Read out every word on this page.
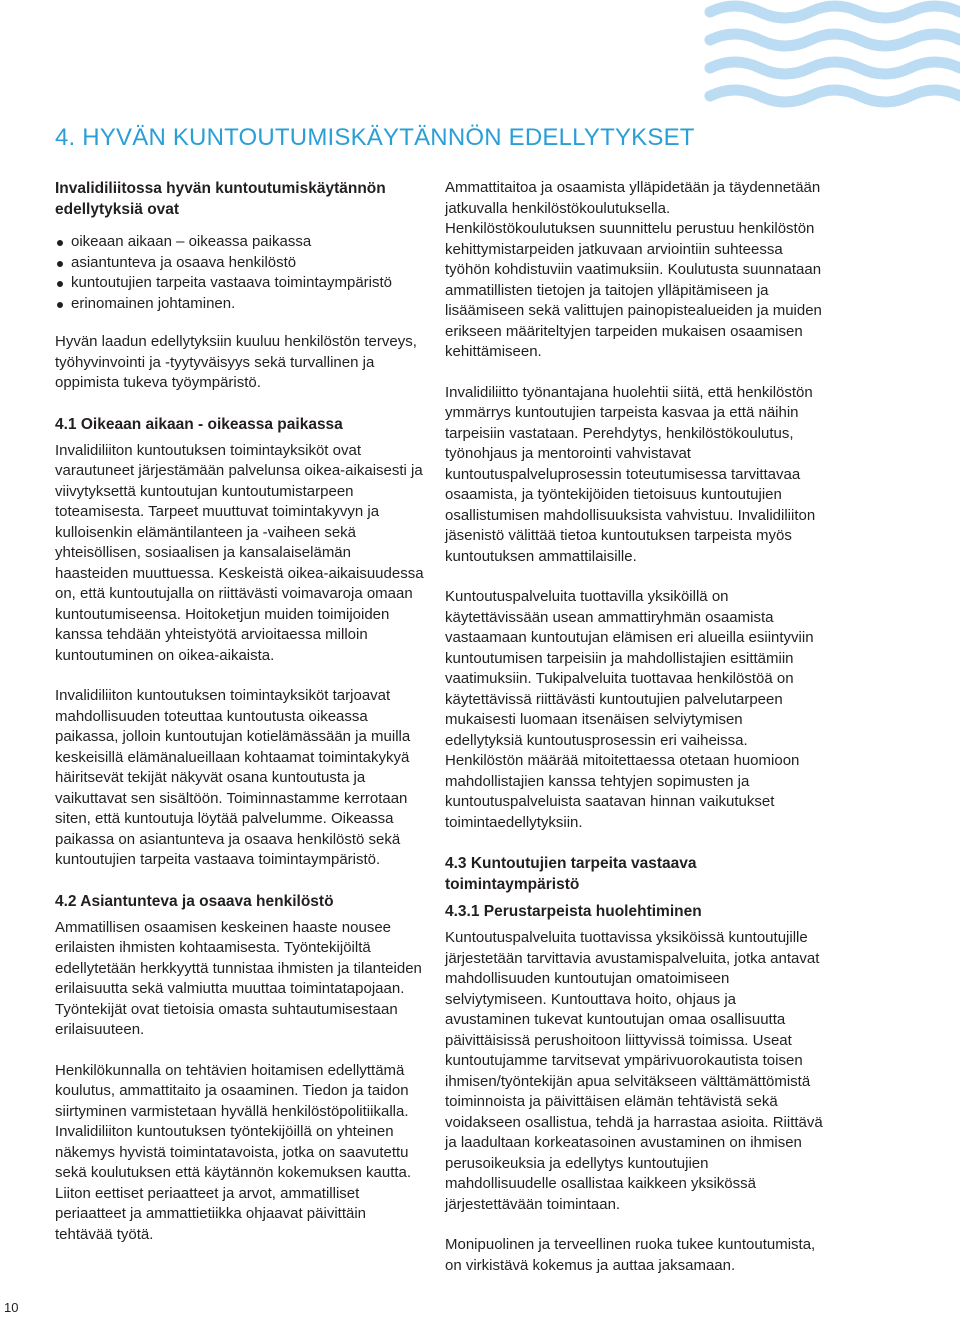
4. HYVÄN KUNTOUTUMISKÄYTÄNNÖN EDELLYTYKSET
Invalidiliitossa hyvän kuntoutumiskäytännön edellytyksiä ovat
oikeaan aikaan – oikeassa paikassa
asiantunteva ja osaava henkilöstö
kuntoutujien tarpeita vastaava toimintaympäristö
erinomainen johtaminen.

Hyvän laadun edellytyksiin kuuluu henkilöstön terveys, työhyvinvointi ja -tyytyväisyys sekä turvallinen ja oppimista tukeva työympäristö.

4.1 Oikeaan aikaan - oikeassa paikassa

Invalidiliiton kuntoutuksen toimintayksiköt ovat varautuneet järjestämään palvelunsa oikea-aikaisesti ja viivytyksettä kuntoutujan kuntoutumistarpeen toteamisesta. Tarpeet muuttuvat toimintakyvyn ja kulloisenkin elämäntilanteen ja -vaiheen sekä yhteisöllisen, sosiaalisen ja kansalaiselämän haasteiden muuttuessa. Keskeistä oikea-aikaisuudessa on, että kuntoutujalla on riittävästi voimavaroja omaan kuntoutumiseensa. Hoitoketjun muiden toimijoiden kanssa tehdään yhteistyötä arvioitaessa milloin kuntoutuminen on oikea-aikaista.

Invalidiliiton kuntoutuksen toimintayksiköt tarjoavat mahdollisuuden toteuttaa kuntoutusta oikeassa paikassa, jolloin kuntoutujan kotielämässään ja muilla keskeisillä elämänalueillaan kohtaamat toimintakykyä häiritsevät tekijät näkyvät osana kuntoutusta ja vaikuttavat sen sisältöön. Toiminnastamme kerrotaan siten, että kuntoutuja löytää palvelumme. Oikeassa paikassa on asiantunteva ja osaava henkilöstö sekä kuntoutujien tarpeita vastaava toimintaympäristö.

4.2 Asiantunteva ja osaava henkilöstö

Ammatillisen osaamisen keskeinen haaste nousee erilaisten ihmisten kohtaamisesta. Työntekijöiltä edellytetään herkkyyttä tunnistaa ihmisten ja tilanteiden erilaisuutta sekä valmiutta muuttaa toimintatapojaan. Työntekijät ovat tietoisia omasta suhtautumisestaan erilaisuuteen.

Henkilökunnalla on tehtävien hoitamisen edellyttämä koulutus, ammattitaito ja osaaminen. Tiedon ja taidon siirtyminen varmistetaan hyvällä henkilöstöpolitiikalla. Invalidiliiton kuntoutuksen työntekijöillä on yhteinen näkemys hyvistä toimintatavoista, jotka on saavutettu sekä koulutuksen että käytännön kokemuksen kautta. Liiton eettiset periaatteet ja arvot, ammatilliset periaatteet ja ammattietiikka ohjaavat päivittäin tehtävää työtä.

Ammattitaitoa ja osaamista ylläpidetään ja täydennetään jatkuvalla henkilöstökoulutuksella. Henkilöstökoulutuksen suunnittelu perustuu henkilöstön kehittymistarpeiden jatkuvaan arviointiin suhteessa työhön kohdistuviin vaatimuksiin. Koulutusta suunnataan ammatillisten tietojen ja taitojen ylläpitämiseen ja lisäämiseen sekä valittujen painopistealueiden ja muiden erikseen määriteltyjen tarpeiden mukaisen osaamisen kehittämiseen.

Invalidiliitto työnantajana huolehtii siitä, että henkilöstön ymmärrys kuntoutujien tarpeista kasvaa ja että näihin tarpeisiin vastataan. Perehdytys, henkilöstökoulutus, työnohjaus ja mentorointi vahvistavat kuntoutuspalveluprosessin toteutumisessa tarvittavaa osaamista, ja työntekijöiden tietoisuus kuntoutujien osallistumisen mahdollisuuksista vahvistuu. Invalidiliiton jäsenistö välittää tietoa kuntoutuksen tarpeista myös kuntoutuksen ammattilaisille.

Kuntoutuspalveluita tuottavilla yksiköillä on käytettävissään usean ammattiryhmän osaamista vastaamaan kuntoutujan elämisen eri alueilla esiintyviin kuntoutumisen tarpeisiin ja mahdollistajien esittämiin vaatimuksiin. Tukipalveluita tuottavaa henkilöstöä on käytettävissä riittävästi kuntoutujien palvelutarpeen mukaisesti luomaan itsenäisen selviytymisen edellytyksiä kuntoutusprosessin eri vaiheissa. Henkilöstön määrää mitoitettaessa otetaan huomioon mahdollistajien kanssa tehtyjen sopimusten ja kuntoutuspalveluista saatavan hinnan vaikutukset toimintaedellytyksiin.

4.3 Kuntoutujien tarpeita vastaava toimintaympäristö
4.3.1 Perustarpeista huolehtiminen

Kuntoutuspalveluita tuottavissa yksiköissä kuntoutujille järjestetään tarvittavia avustamispalveluita, jotka antavat mahdollisuuden kuntoutujan omatoimiseen selviytymiseen. Kuntouttava hoito, ohjaus ja avustaminen tukevat kuntoutujan omaa osallisuutta päivittäisissä perushoitoon liittyvissä toimissa. Useat kuntoutujamme tarvitsevat ympärivuorokautista toisen ihmisen/työntekijän apua selvitäkseen välttämättömistä toiminnoista ja päivittäisen elämän tehtävistä sekä voidakseen osallistua, tehdä ja harrastaa asioita. Riittävä ja laadultaan korkeatasoinen avustaminen on ihmisen perusoikeuksia ja edellytys kuntoutujien mahdollisuudelle osallistaa kaikkeen yksikössä järjestettävään toimintaan.

Monipuolinen ja terveellinen ruoka tukee kuntoutumista, on virkistävä kokemus ja auttaa jaksamaan.

10
